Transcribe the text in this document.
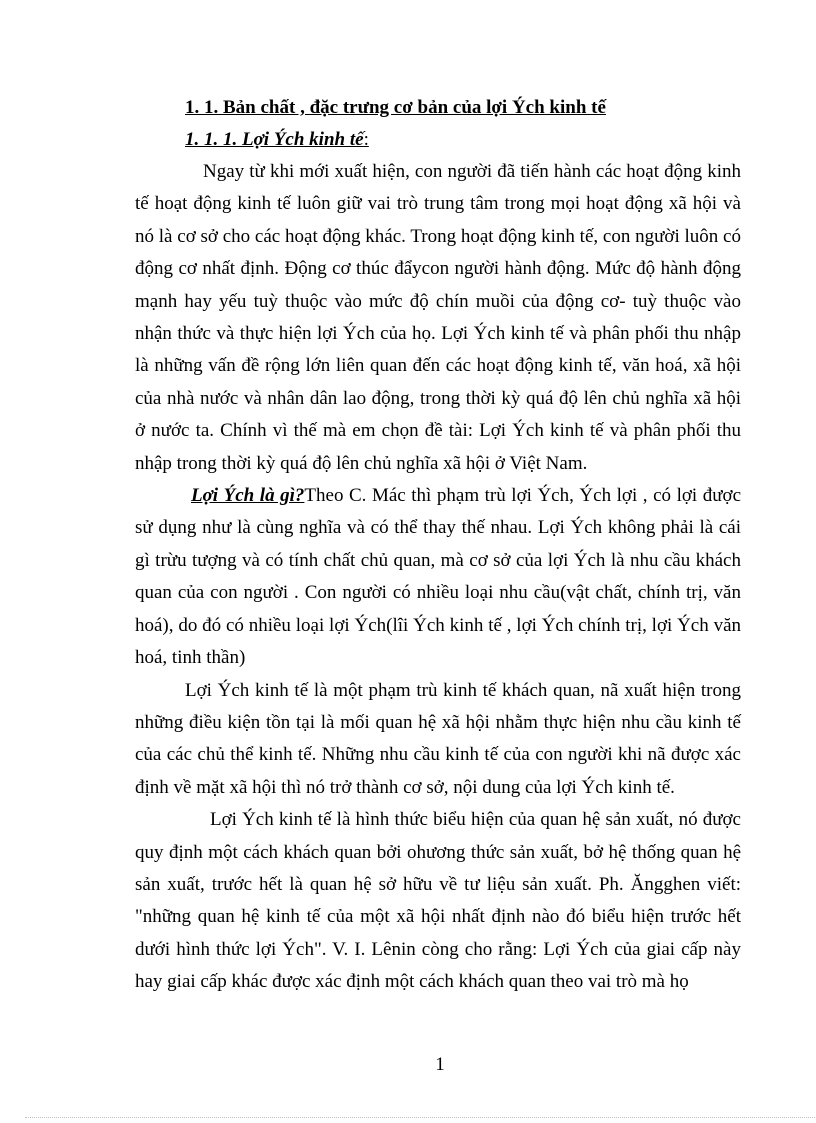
1. 1. Bản chất , đặc trưng cơ bản của lợi Ých kinh tế
1. 1. 1. Lợi Ých kinh tế:

Ngay từ khi mới xuất hiện, con người đã tiến hành các hoạt động kinh tế hoạt động kinh tế luôn giữ vai trò trung tâm trong mọi hoạt động xã hội và nó là cơ sở cho các hoạt động khác. Trong hoạt động kinh tế, con người luôn có động cơ nhất định. Động cơ thúc đẩycon người hành động. Mức độ hành động mạnh hay yếu tuỳ thuộc vào mức độ chín muồi của động cơ- tuỳ thuộc vào nhận thức và thực hiện lợi Ých của họ. Lợi Ých kinh tế và phân phối thu nhập là những vấn đề rộng lớn liên quan đến các hoạt động kinh tế, văn hoá, xã hội của nhà nước và nhân dân lao động, trong thời kỳ quá độ lên chủ nghĩa xã hội ở nước ta. Chính vì thế mà em chọn đề tài: Lợi Ých kinh tế và phân phối thu nhập trong thời kỳ quá độ lên chủ nghĩa xã hội ở Việt Nam.

Lợi Ých là gì?Theo C. Mác thì phạm trù lợi Ých, Ých lợi , có lợi được sử dụng như là cùng nghĩa và có thể thay thế nhau. Lợi Ých không phải là cái gì trừu tượng và có tính chất chủ quan, mà cơ sở của lợi Ých là nhu cầu khách quan của con người . Con người có nhiều loại nhu cầu(vật chất, chính trị, văn hoá), do đó có nhiều loại lợi Ých(lîi Ých kinh tế , lợi Ých chính trị, lợi Ých văn hoá, tinh thần)

Lợi Ých kinh tế là một phạm trù kinh tế khách quan, nã xuất hiện trong những điều kiện tồn tại là mối quan hệ xã hội nhằm thực hiện nhu cầu kinh tế của các chủ thể kinh tế. Những nhu cầu kinh tế của con người khi nã được xác định về mặt xã hội thì nó trở thành cơ sở, nội dung của lợi Ých kinh tế.

Lợi Ých kinh tế là hình thức biểu hiện của quan hệ sản xuất, nó được quy định một cách khách quan bởi ohương thức sản xuất, bở hệ thống quan hệ sản xuất, trước hết là quan hệ sở hữu về tư liệu sản xuất. Ph. Ăngghen viết: "những quan hệ kinh tế của một xã hội nhất định nào đó biểu hiện trước hết dưới hình thức lợi Ých". V. I. Lênin còng cho rằng: Lợi Ých của giai cấp này hay giai cấp khác được xác định một cách khách quan theo vai trò mà họ

1
